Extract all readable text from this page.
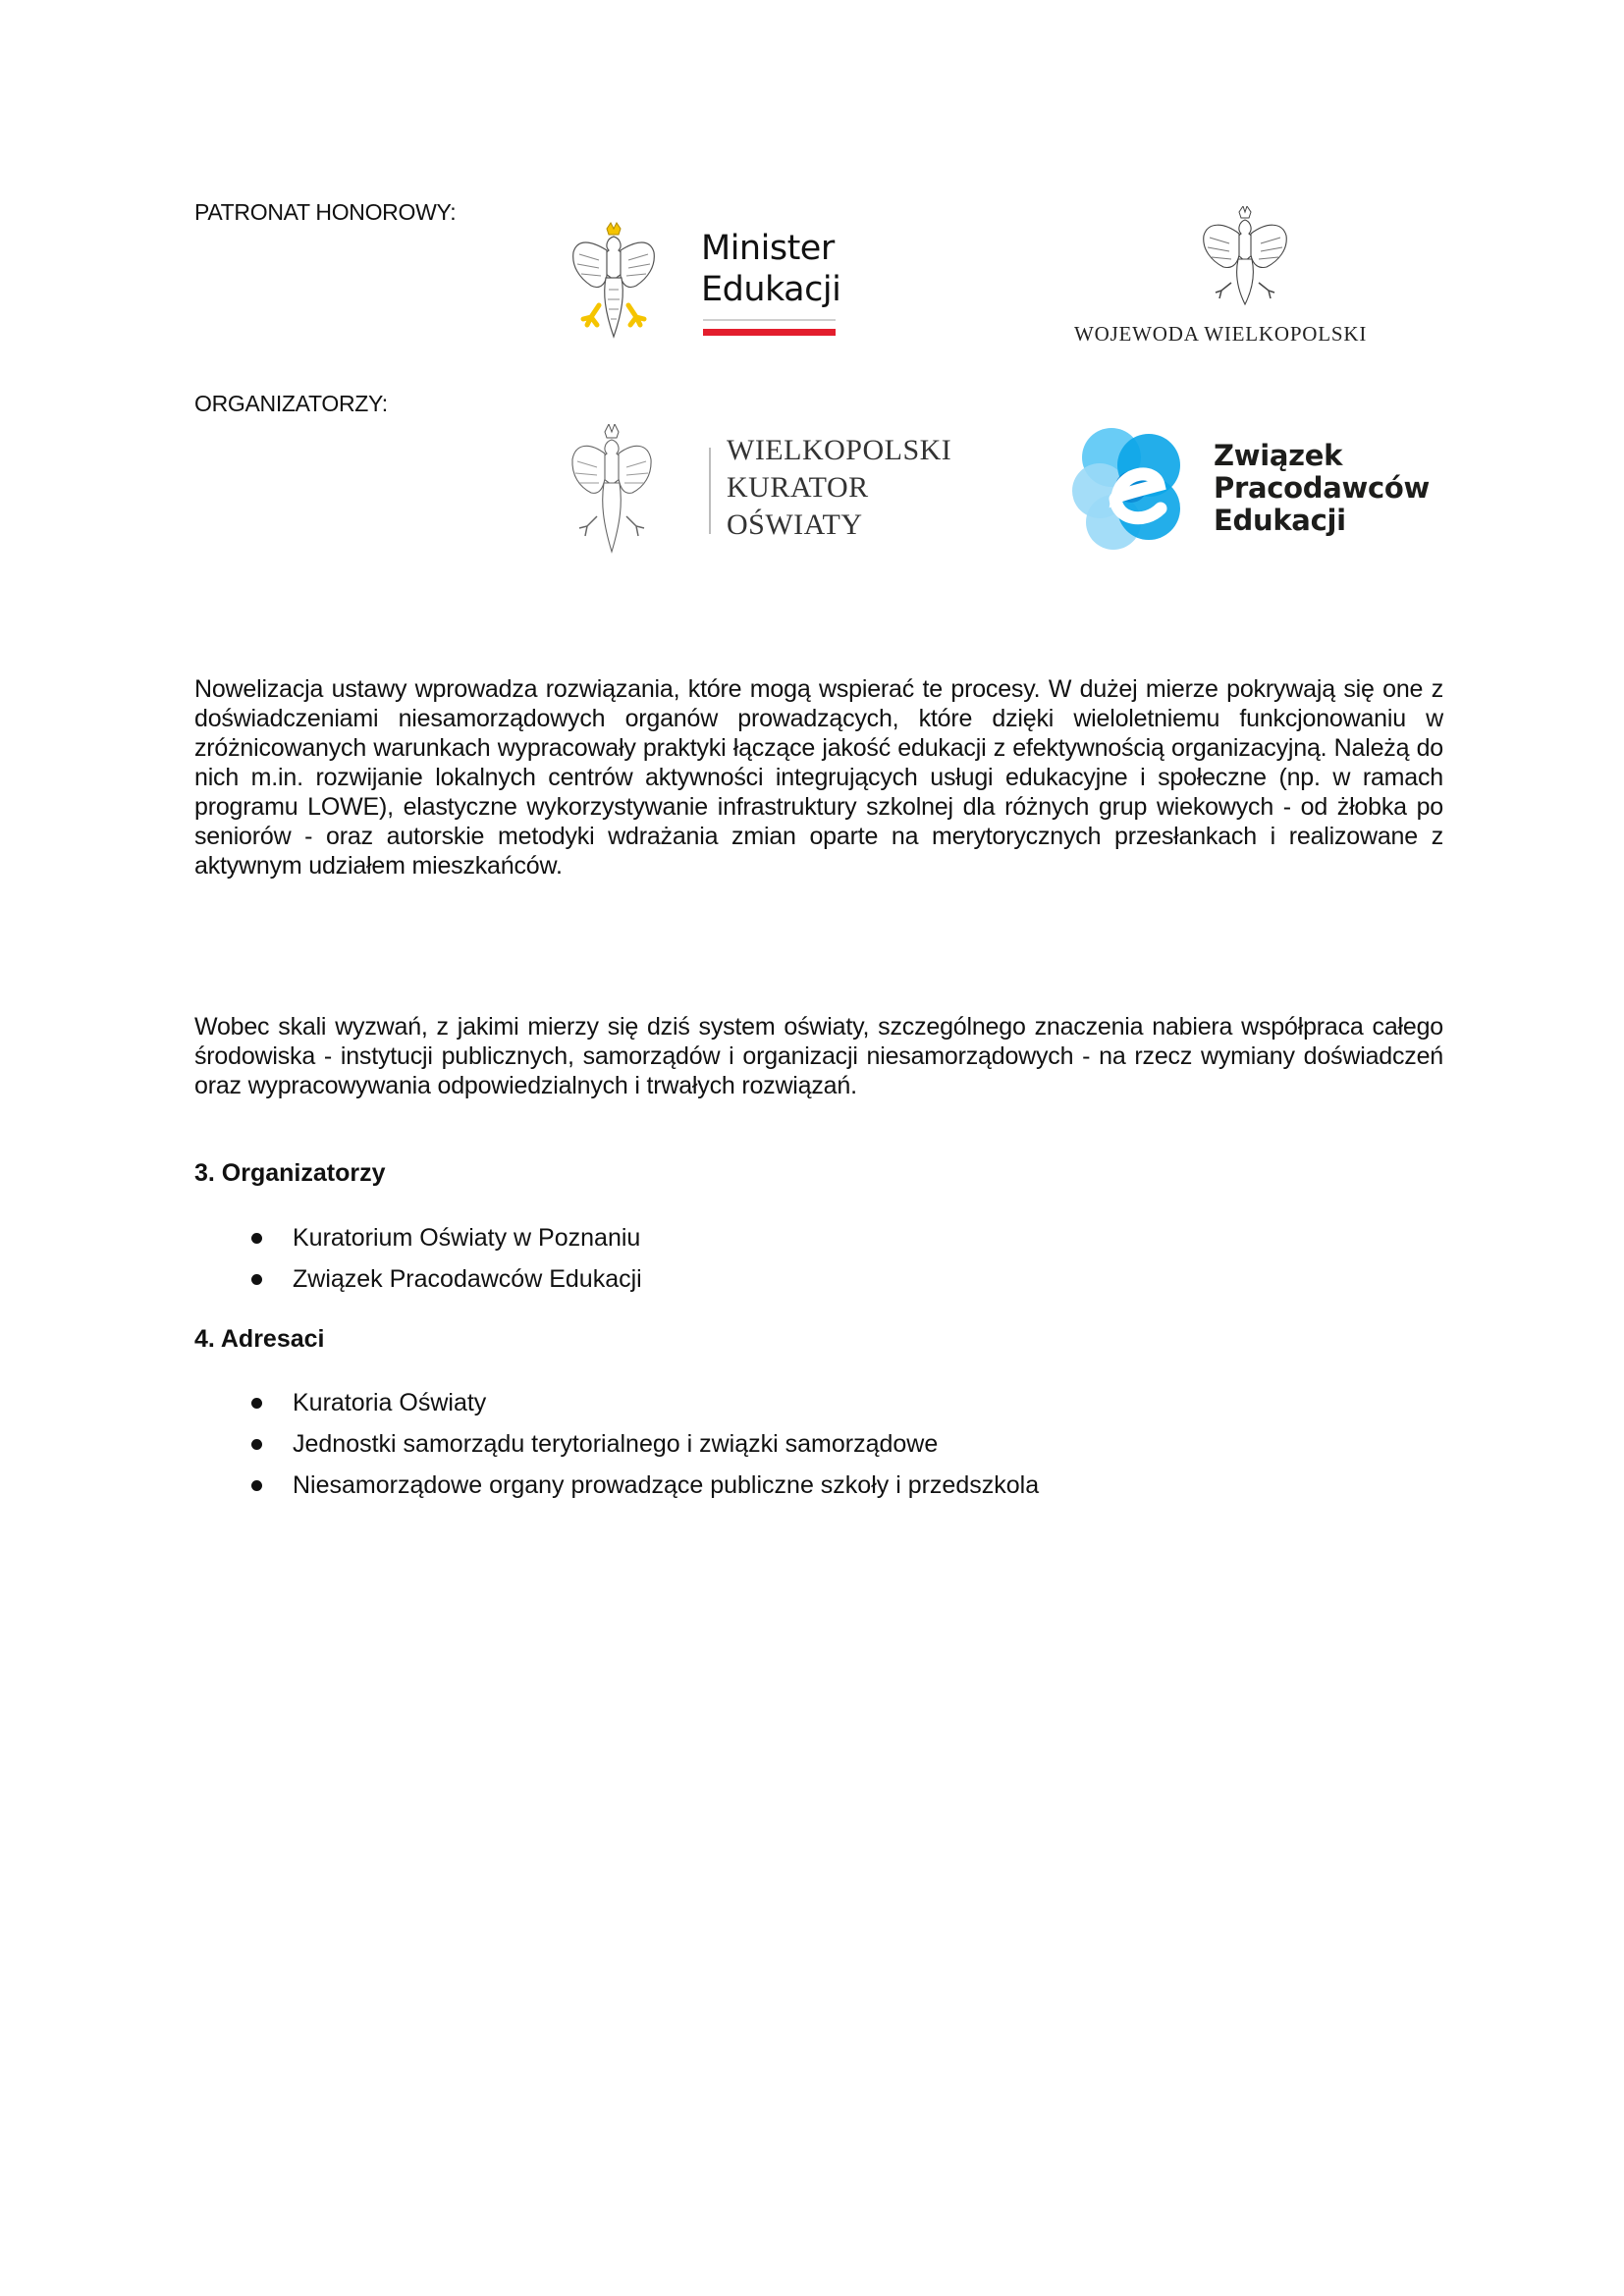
PATRONAT HONOROWY:
ORGANIZATORZY:
Minister
Edukacji
WOJEWODA WIELKOPOLSKI
WIELKOPOLSKI
KURATOR
OŚWIATY
Związek
Pracodawców
Edukacji

Nowelizacja ustawy wprowadza rozwiązania, które mogą wspierać te procesy. W dużej mierze pokrywają się one z doświadczeniami niesamorządowych organów prowadzących, które dzięki wieloletniemu funkcjonowaniu w zróżnicowanych warunkach wypracowały praktyki łączące jakość edukacji z efektywnością organizacyjną. Należą do nich m.in. rozwijanie lokalnych centrów aktywności integrujących usługi edukacyjne i społeczne (np. w ramach programu LOWE), elastyczne wykorzystywanie infrastruktury szkolnej dla różnych grup wiekowych - od żłobka po seniorów - oraz autorskie metodyki wdrażania zmian oparte na merytorycznych przesłankach i realizowane z aktywnym udziałem mieszkańców.

Wobec skali wyzwań, z jakimi mierzy się dziś system oświaty, szczególnego znaczenia nabiera współpraca całego środowiska - instytucji publicznych, samorządów i organizacji niesamorządowych - na rzecz wymiany doświadczeń oraz wypracowywania odpowiedzialnych i trwałych rozwiązań.

3. Organizatorzy
Kuratorium Oświaty w Poznaniu
Związek Pracodawców Edukacji
4. Adresaci
Kuratoria Oświaty
Jednostki samorządu terytorialnego i związki samorządowe
Niesamorządowe organy prowadzące publiczne szkoły i przedszkola
